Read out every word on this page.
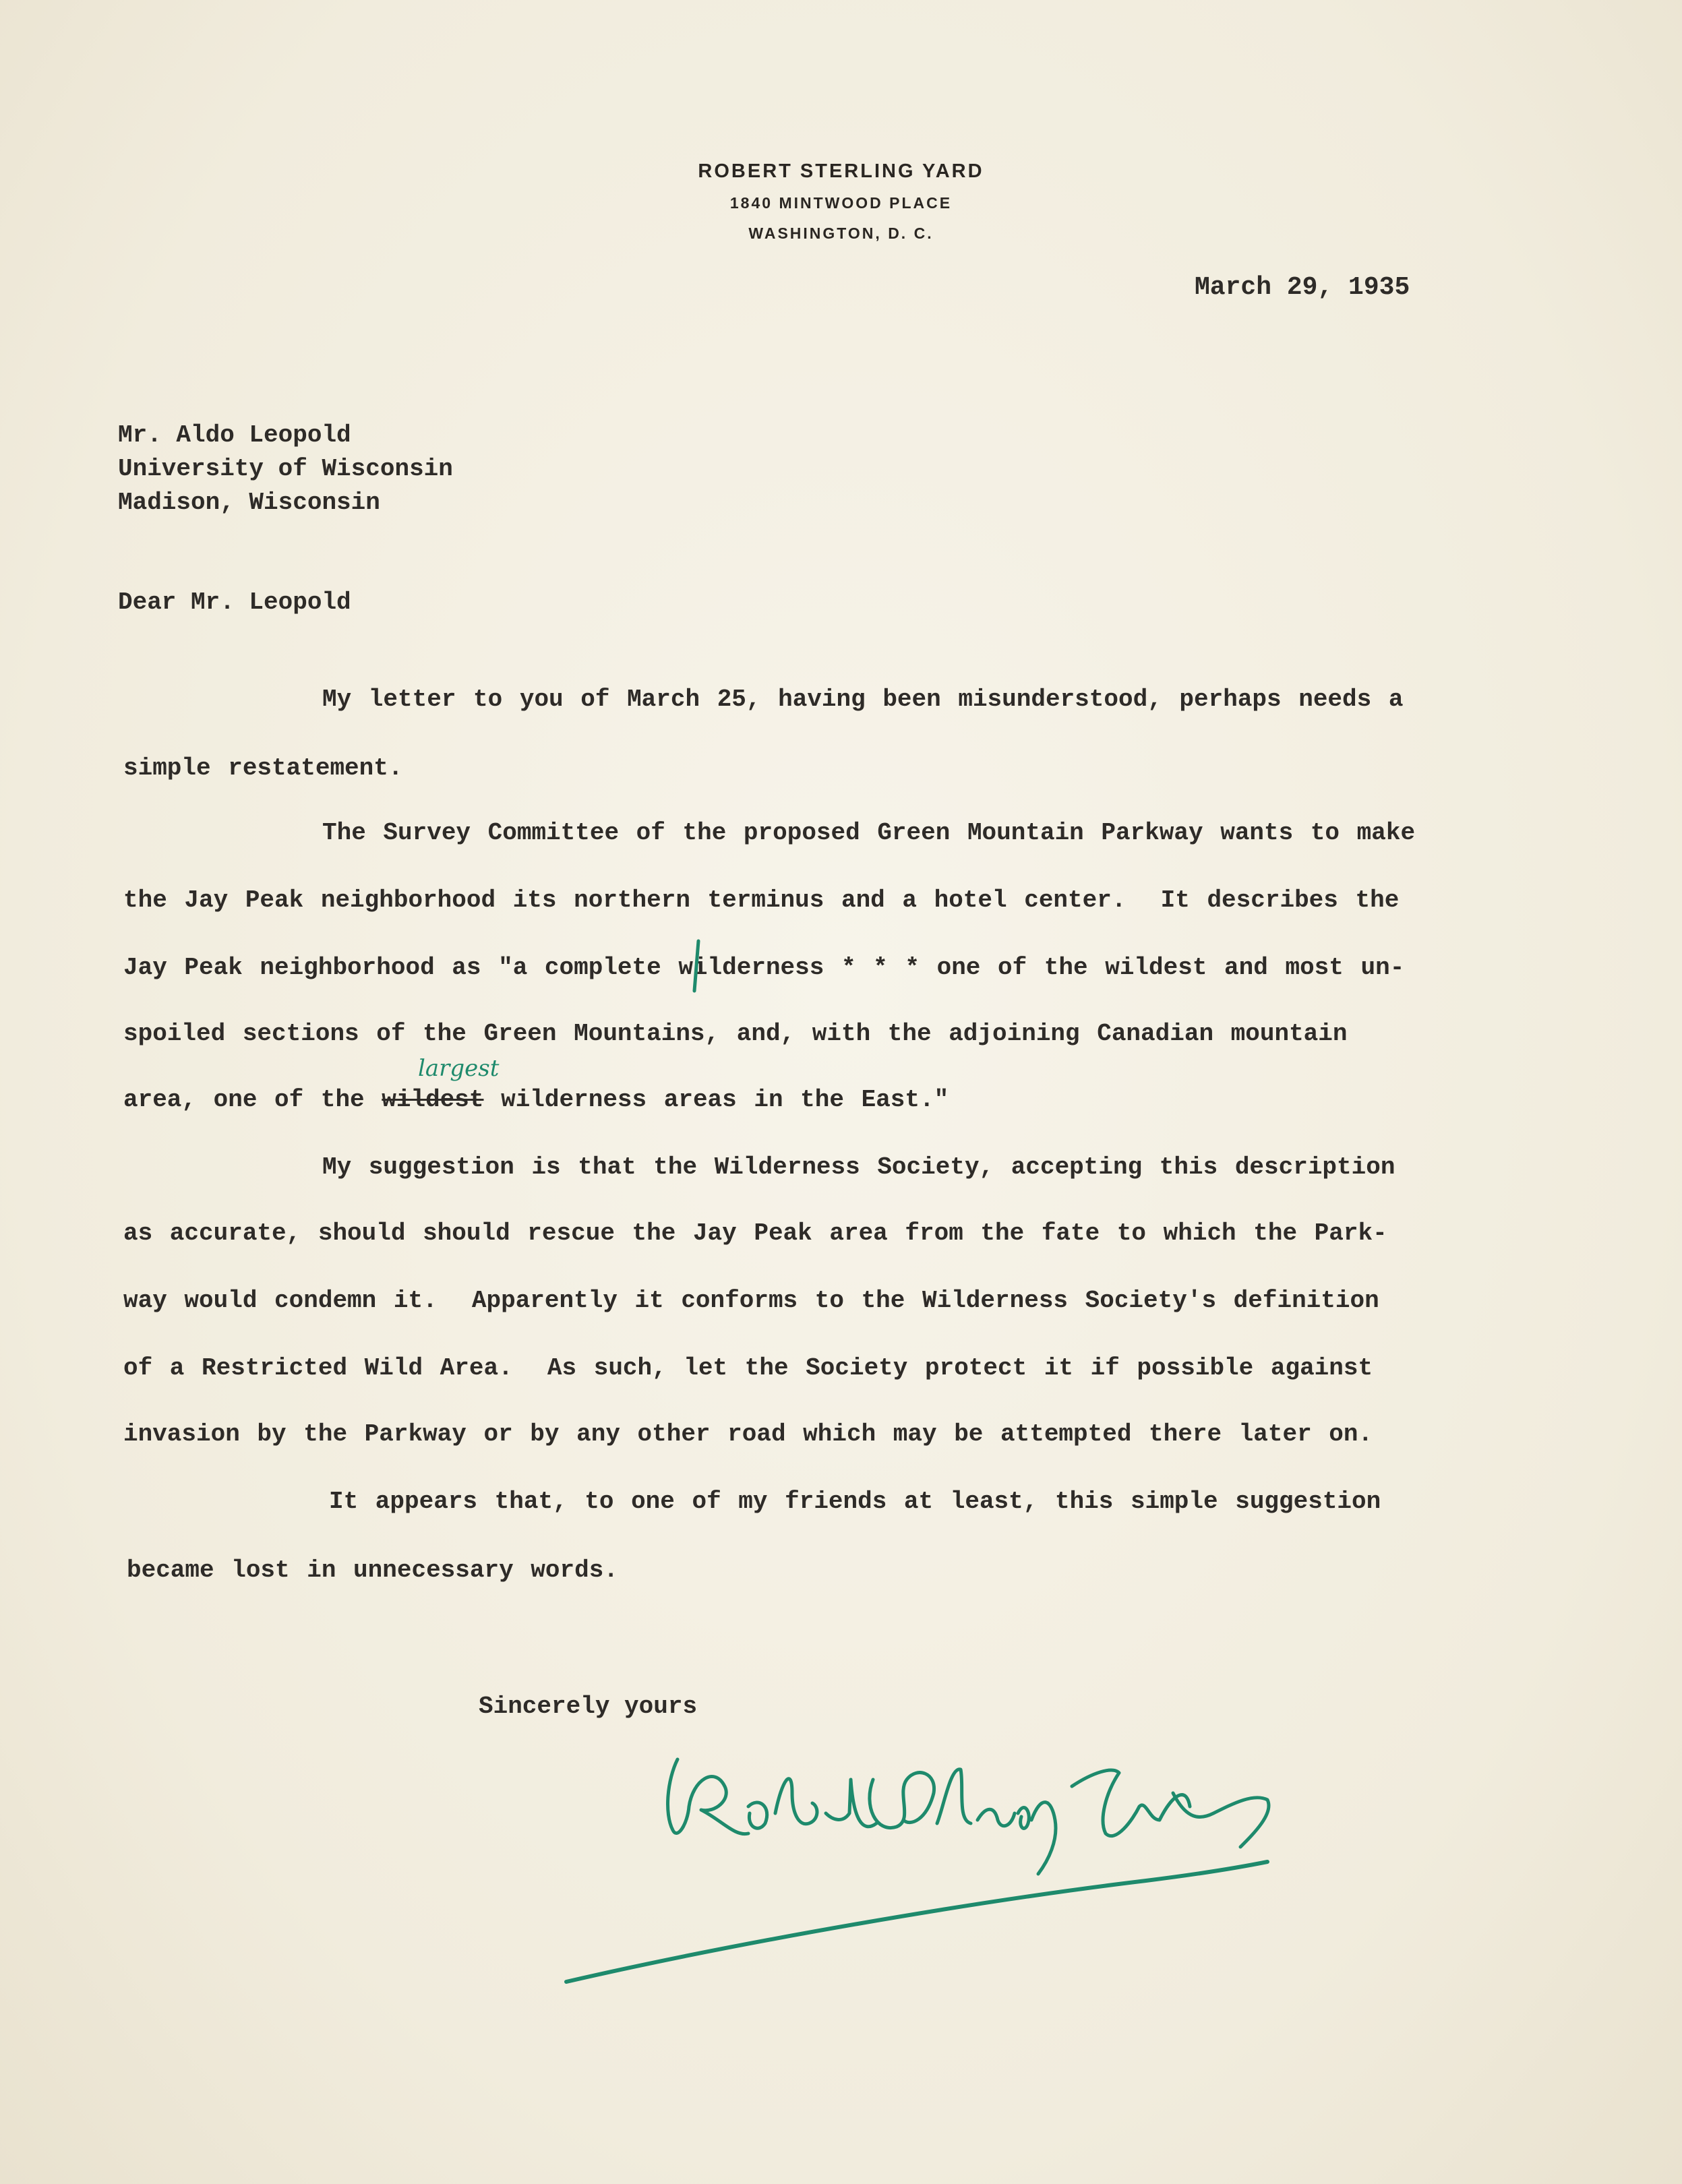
ROBERT STERLING YARD
1840 MINTWOOD PLACE
WASHINGTON, D. C.
March 29, 1935
Mr. Aldo Leopold
University of Wisconsin
Madison, Wisconsin
Dear Mr. Leopold
My letter to you of March 25, having been misunderstood, perhaps needs a
simple restatement.
The Survey Committee of the proposed Green Mountain Parkway wants to make
the Jay Peak neighborhood its northern terminus and a hotel center.  It describes the
Jay Peak neighborhood as "a complete wilderness * * * one of the wildest and most un-
spoiled sections of the Green Mountains, and, with the adjoining Canadian mountain
area, one of the wildest wilderness areas in the East."
largest
My suggestion is that the Wilderness Society, accepting this description
as accurate, should should rescue the Jay Peak area from the fate to which the Park-
way would condemn it.  Apparently it conforms to the Wilderness Society's definition
of a Restricted Wild Area.  As such, let the Society protect it if possible against
invasion by the Parkway or by any other road which may be attempted there later on.
It appears that, to one of my friends at least, this simple suggestion
became lost in unnecessary words.
Sincerely yours
